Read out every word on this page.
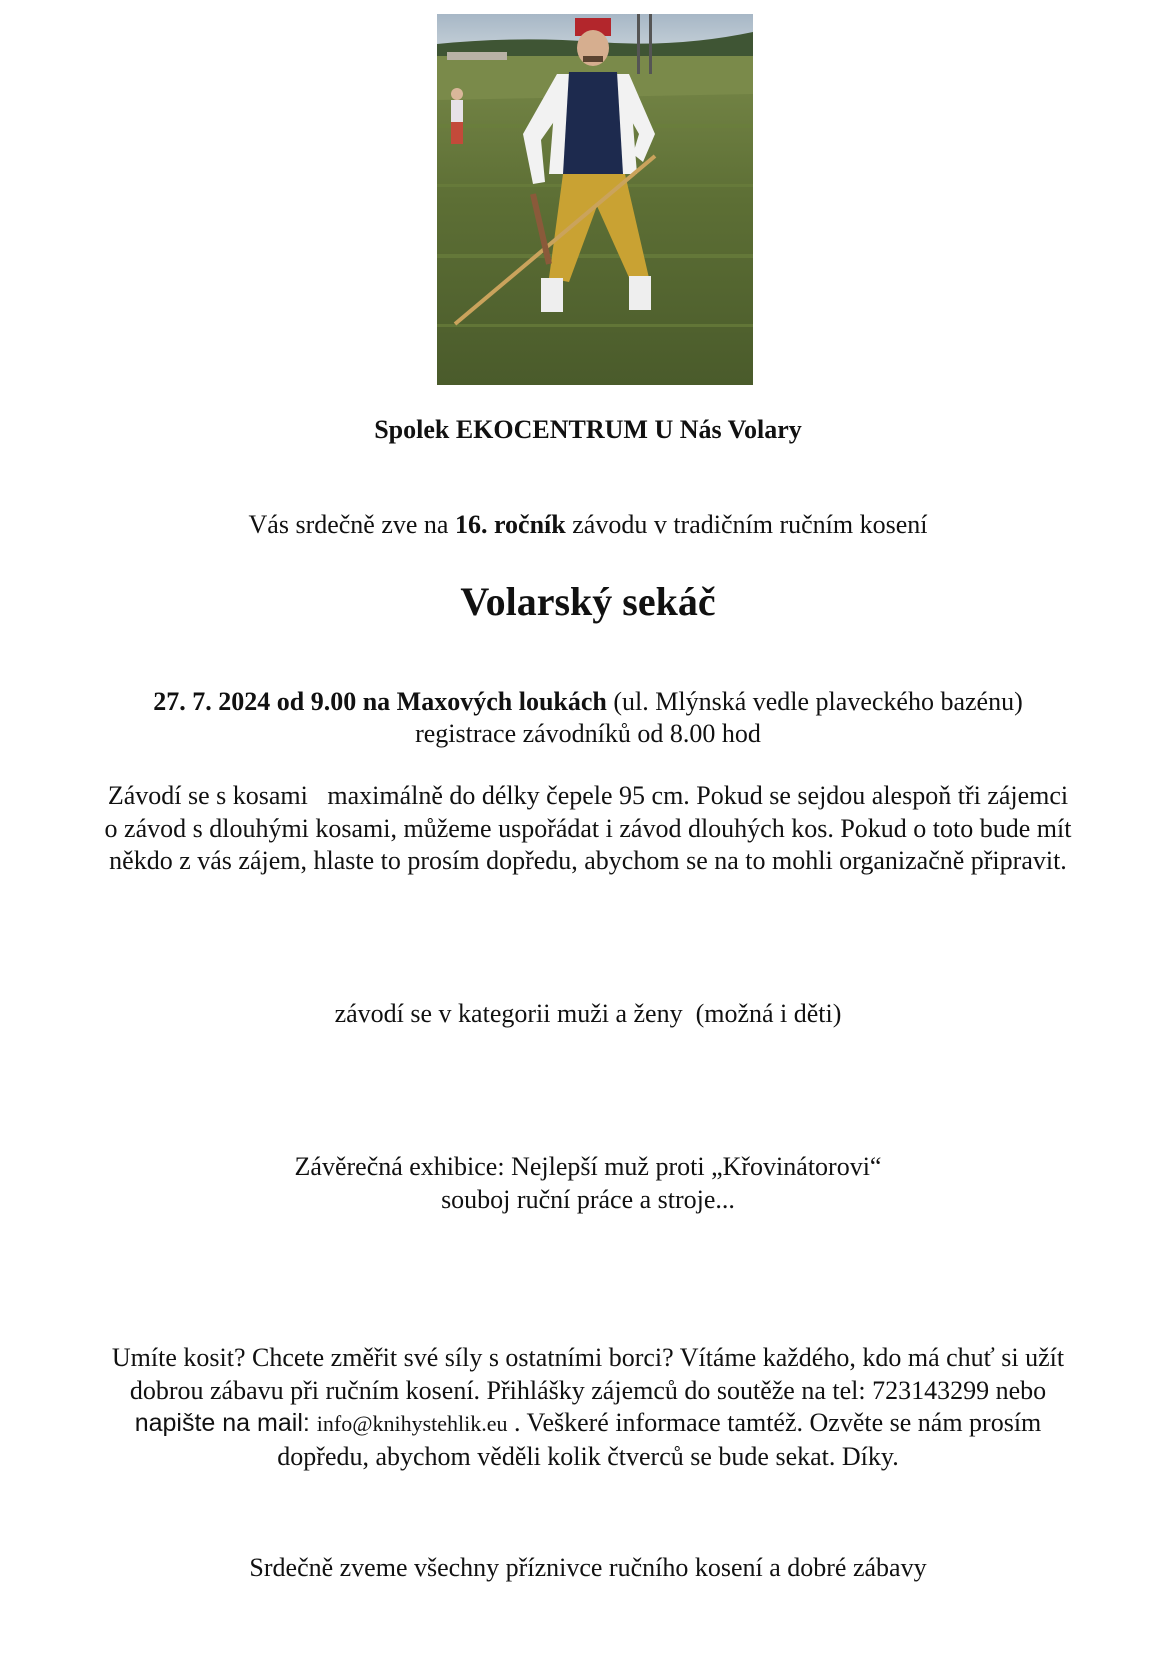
Spolek EKOCENTRUM U Nás Volary
Vás srdečně zve na 16. ročník závodu v tradičním ručním kosení
Volarský sekáč
27. 7. 2024 od 9.00 na Maxových loukách (ul. Mlýnská vedle plaveckého bazénu)
registrace závodníků od 8.00 hod
Závodí se s kosami   maximálně do délky čepele 95 cm. Pokud se sejdou alespoň tři zájemci o závod s dlouhými kosami, můžeme uspořádat i závod dlouhých kos. Pokud o toto bude mít někdo z vás zájem, hlaste to prosím dopředu, abychom se na to mohli organizačně připravit.
závodí se v kategorii muži a ženy  (možná i děti)
Závěrečná exhibice: Nejlepší muž proti „Křovinátorovi“
souboj ruční práce a stroje...
Umíte kosit? Chcete změřit své síly s ostatními borci? Vítáme každého, kdo má chuť si užít dobrou zábavu při ručním kosení. Přihlášky zájemců do soutěže na tel: 723143299 nebo napište na mail: info@knihystehlik.eu . Veškeré informace tamtéž. Ozvěte se nám prosím dopředu, abychom věděli kolik čtverců se bude sekat. Díky.
Srdečně zveme všechny příznivce ručního kosení a dobré zábavy
